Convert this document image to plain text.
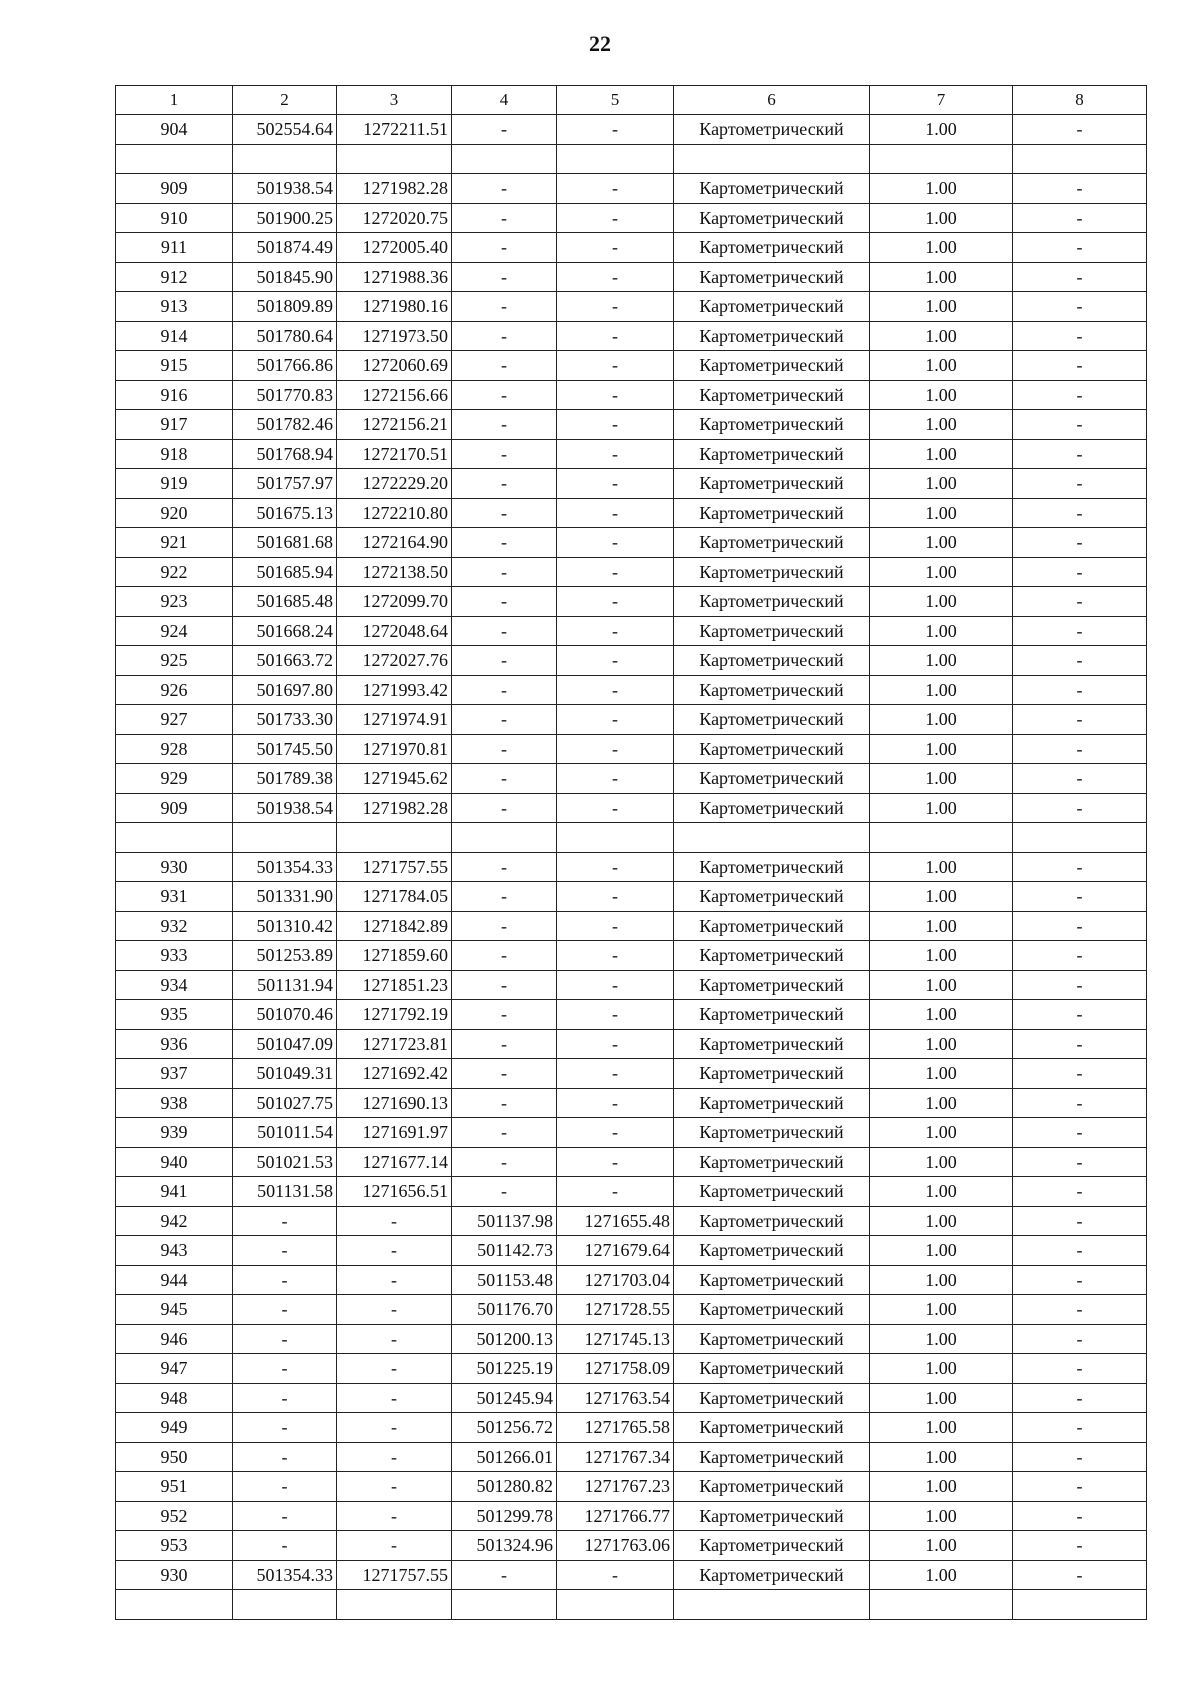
22
1	2	3	4	5	6	7	8
904	502554.64	1272211.51	-	-	Картометрический	1.00	-

909	501938.54	1271982.28	-	-	Картометрический	1.00	-
910	501900.25	1272020.75	-	-	Картометрический	1.00	-
911	501874.49	1272005.40	-	-	Картометрический	1.00	-
912	501845.90	1271988.36	-	-	Картометрический	1.00	-
913	501809.89	1271980.16	-	-	Картометрический	1.00	-
914	501780.64	1271973.50	-	-	Картометрический	1.00	-
915	501766.86	1272060.69	-	-	Картометрический	1.00	-
916	501770.83	1272156.66	-	-	Картометрический	1.00	-
917	501782.46	1272156.21	-	-	Картометрический	1.00	-
918	501768.94	1272170.51	-	-	Картометрический	1.00	-
919	501757.97	1272229.20	-	-	Картометрический	1.00	-
920	501675.13	1272210.80	-	-	Картометрический	1.00	-
921	501681.68	1272164.90	-	-	Картометрический	1.00	-
922	501685.94	1272138.50	-	-	Картометрический	1.00	-
923	501685.48	1272099.70	-	-	Картометрический	1.00	-
924	501668.24	1272048.64	-	-	Картометрический	1.00	-
925	501663.72	1272027.76	-	-	Картометрический	1.00	-
926	501697.80	1271993.42	-	-	Картометрический	1.00	-
927	501733.30	1271974.91	-	-	Картометрический	1.00	-
928	501745.50	1271970.81	-	-	Картометрический	1.00	-
929	501789.38	1271945.62	-	-	Картометрический	1.00	-
909	501938.54	1271982.28	-	-	Картометрический	1.00	-

930	501354.33	1271757.55	-	-	Картометрический	1.00	-
931	501331.90	1271784.05	-	-	Картометрический	1.00	-
932	501310.42	1271842.89	-	-	Картометрический	1.00	-
933	501253.89	1271859.60	-	-	Картометрический	1.00	-
934	501131.94	1271851.23	-	-	Картометрический	1.00	-
935	501070.46	1271792.19	-	-	Картометрический	1.00	-
936	501047.09	1271723.81	-	-	Картометрический	1.00	-
937	501049.31	1271692.42	-	-	Картометрический	1.00	-
938	501027.75	1271690.13	-	-	Картометрический	1.00	-
939	501011.54	1271691.97	-	-	Картометрический	1.00	-
940	501021.53	1271677.14	-	-	Картометрический	1.00	-
941	501131.58	1271656.51	-	-	Картометрический	1.00	-
942	-	-	501137.98	1271655.48	Картометрический	1.00	-
943	-	-	501142.73	1271679.64	Картометрический	1.00	-
944	-	-	501153.48	1271703.04	Картометрический	1.00	-
945	-	-	501176.70	1271728.55	Картометрический	1.00	-
946	-	-	501200.13	1271745.13	Картометрический	1.00	-
947	-	-	501225.19	1271758.09	Картометрический	1.00	-
948	-	-	501245.94	1271763.54	Картометрический	1.00	-
949	-	-	501256.72	1271765.58	Картометрический	1.00	-
950	-	-	501266.01	1271767.34	Картометрический	1.00	-
951	-	-	501280.82	1271767.23	Картометрический	1.00	-
952	-	-	501299.78	1271766.77	Картометрический	1.00	-
953	-	-	501324.96	1271763.06	Картометрический	1.00	-
930	501354.33	1271757.55	-	-	Картометрический	1.00	-
